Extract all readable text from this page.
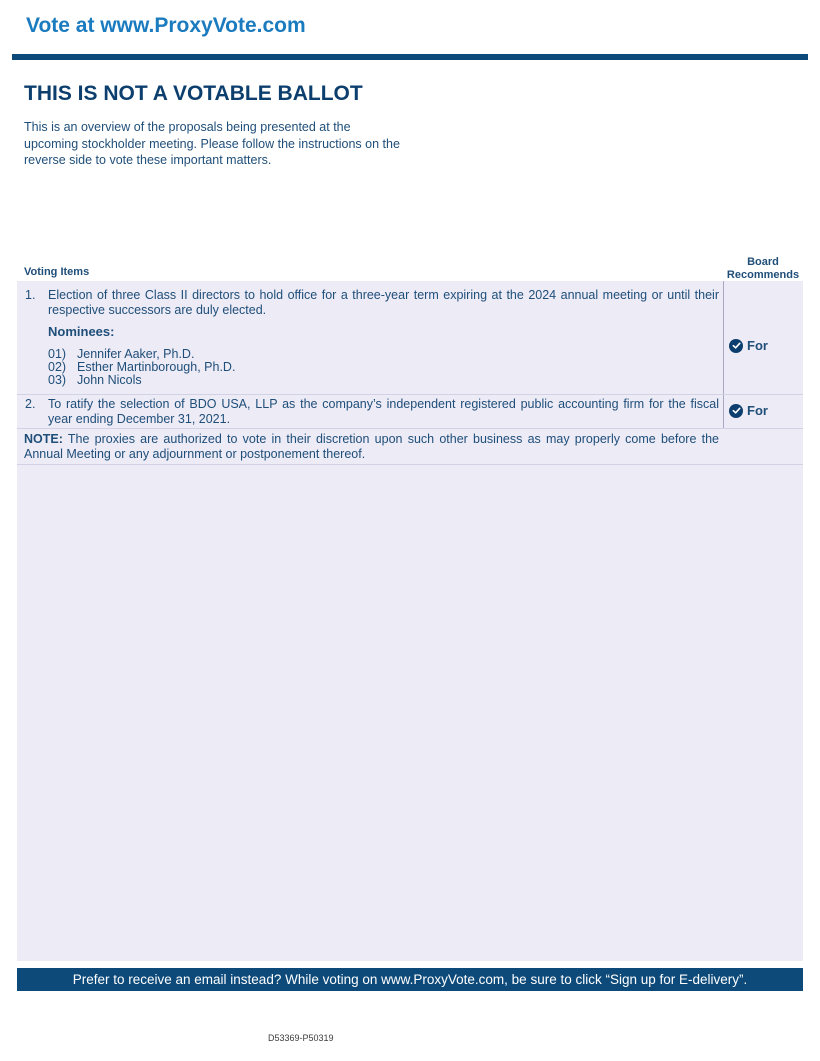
Vote at www.ProxyVote.com
THIS IS NOT A VOTABLE BALLOT
This is an overview of the proposals being presented at the upcoming stockholder meeting. Please follow the instructions on the reverse side to vote these important matters.
Voting Items
Board
Recommends
1. Election of three Class II directors to hold office for a three-year term expiring at the 2024 annual meeting or until their respective successors are duly elected.
Nominees:
01) Jennifer Aaker, Ph.D.
02) Esther Martinborough, Ph.D.
03) John Nicols
For
2. To ratify the selection of BDO USA, LLP as the company’s independent registered public accounting firm for the fiscal year ending December 31, 2021.
For
NOTE: The proxies are authorized to vote in their discretion upon such other business as may properly come before the Annual Meeting or any adjournment or postponement thereof.
Prefer to receive an email instead? While voting on www.ProxyVote.com, be sure to click “Sign up for E-delivery”.
D53369-P50319
